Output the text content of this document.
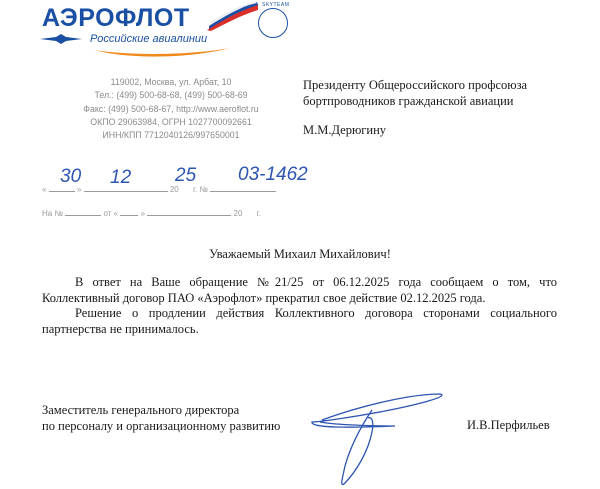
АЭРОФЛОТ
Российские авиалинии
SKYTEAM
119002, Москва, ул. Арбат, 10
Тел.: (499) 500-68-68, (499) 500-68-69
Факс: (499) 500-68-67, http://www.aeroflot.ru
ОКПО 29063984, ОГРН 1027700092661
ИНН/КПП 7712040126/997650001
Президенту Общероссийского профсоюза
бортпроводников гражданской авиации
М.М.Дерюгину
«	»	20 г. №
30 12 25 03-1462
На №	от «	»	20 г.
Уважаемый Михаил Михайлович!

В ответ на Ваше обращение №21/25 от 06.12.2025 года сообщаем о том, что Коллективный договор ПАО «Аэрофлот» прекратил свое действие 02.12.2025 года.

Решение о продлении действия Коллективного договора сторонами социального партнерства не принималось.

Заместитель генерального директора
по персоналу и организационному развитию	И.В.Перфильев
